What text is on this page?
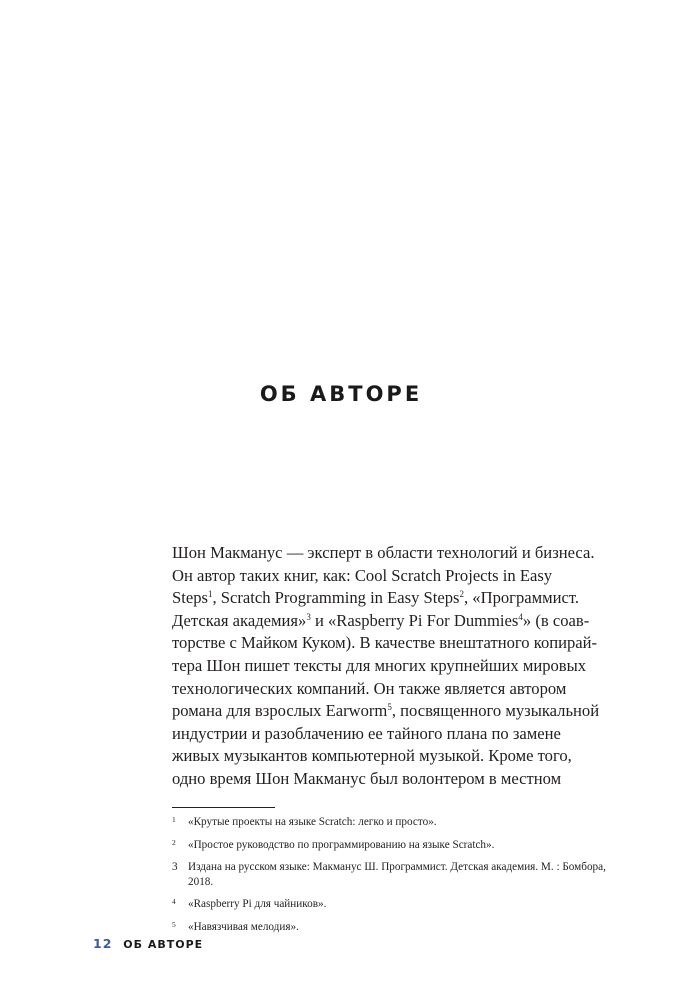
ОБ АВТОРЕ
Шон Макманус — эксперт в области технологий и бизнеса.
Он автор таких книг, как: Cool Scratch Projects in Easy
Steps$^1$, Scratch Programming in Easy Steps$^2$, «Программист.
Детская академия»$^3$ и «Raspberry Pi For Dummies$^4$» (в соав-
торстве с Майком Куком). В качестве внештатного копирай-
тера Шон пишет тексты для многих крупнейших мировых
технологических компаний. Он также является автором
романа для взрослых Earworm$^5$, посвященного музыкальной
индустрии и разоблачению ее тайного плана по замене
живых музыкантов компьютерной музыкой. Кроме того,
одно время Шон Макманус был волонтером в местном
1 «Крутые проекты на языке Scratch: легко и просто».
2 «Простое руководство по программированию на языке Scratch».
3 Издана на русском языке: Макманус Ш. Программист. Детская академия. М. : Бомбора, 2018.
4 «Raspberry Pi для чайников».
5 «Навязчивая мелодия».
12 ОБ АВТОРЕ
